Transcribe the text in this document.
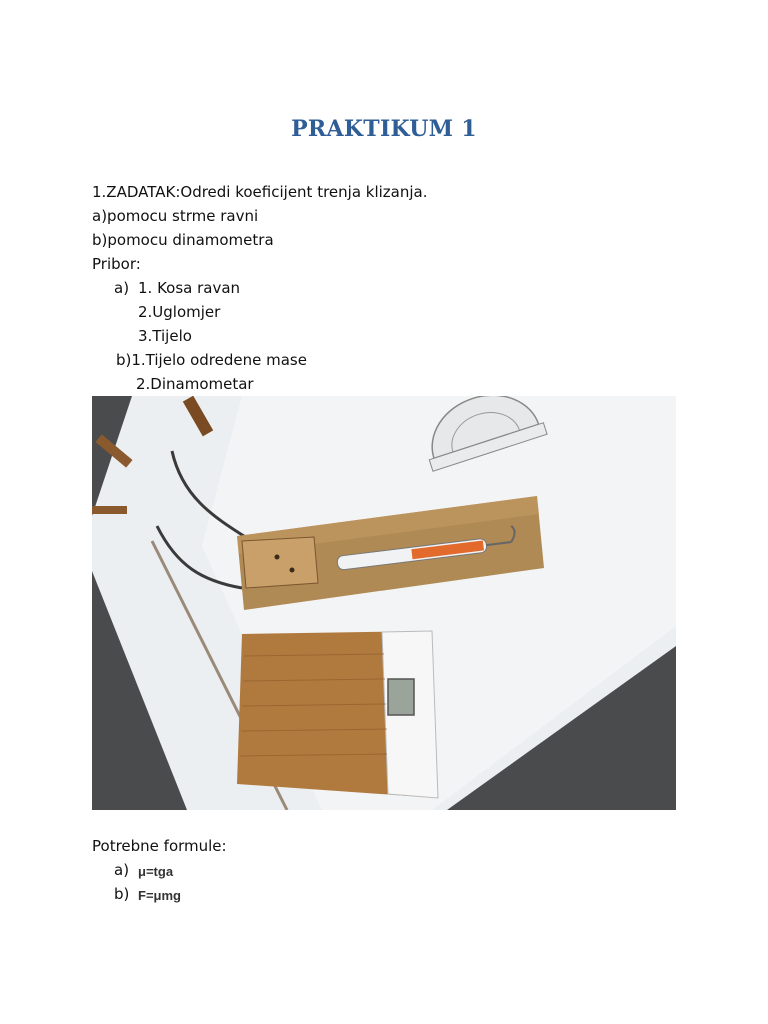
PRAKTIKUM 1
1.ZADATAK:Odredi koeficijent trenja klizanja.
a)pomocu strme ravni
b)pomocu dinamometra
Pribor:
a) 1. Kosa ravan
2.Uglomjer
3.Tijelo
b)1.Tijelo odredene mase
2.Dinamometar
Potrebne formule:
a) μ=tga
b) F=μmg
